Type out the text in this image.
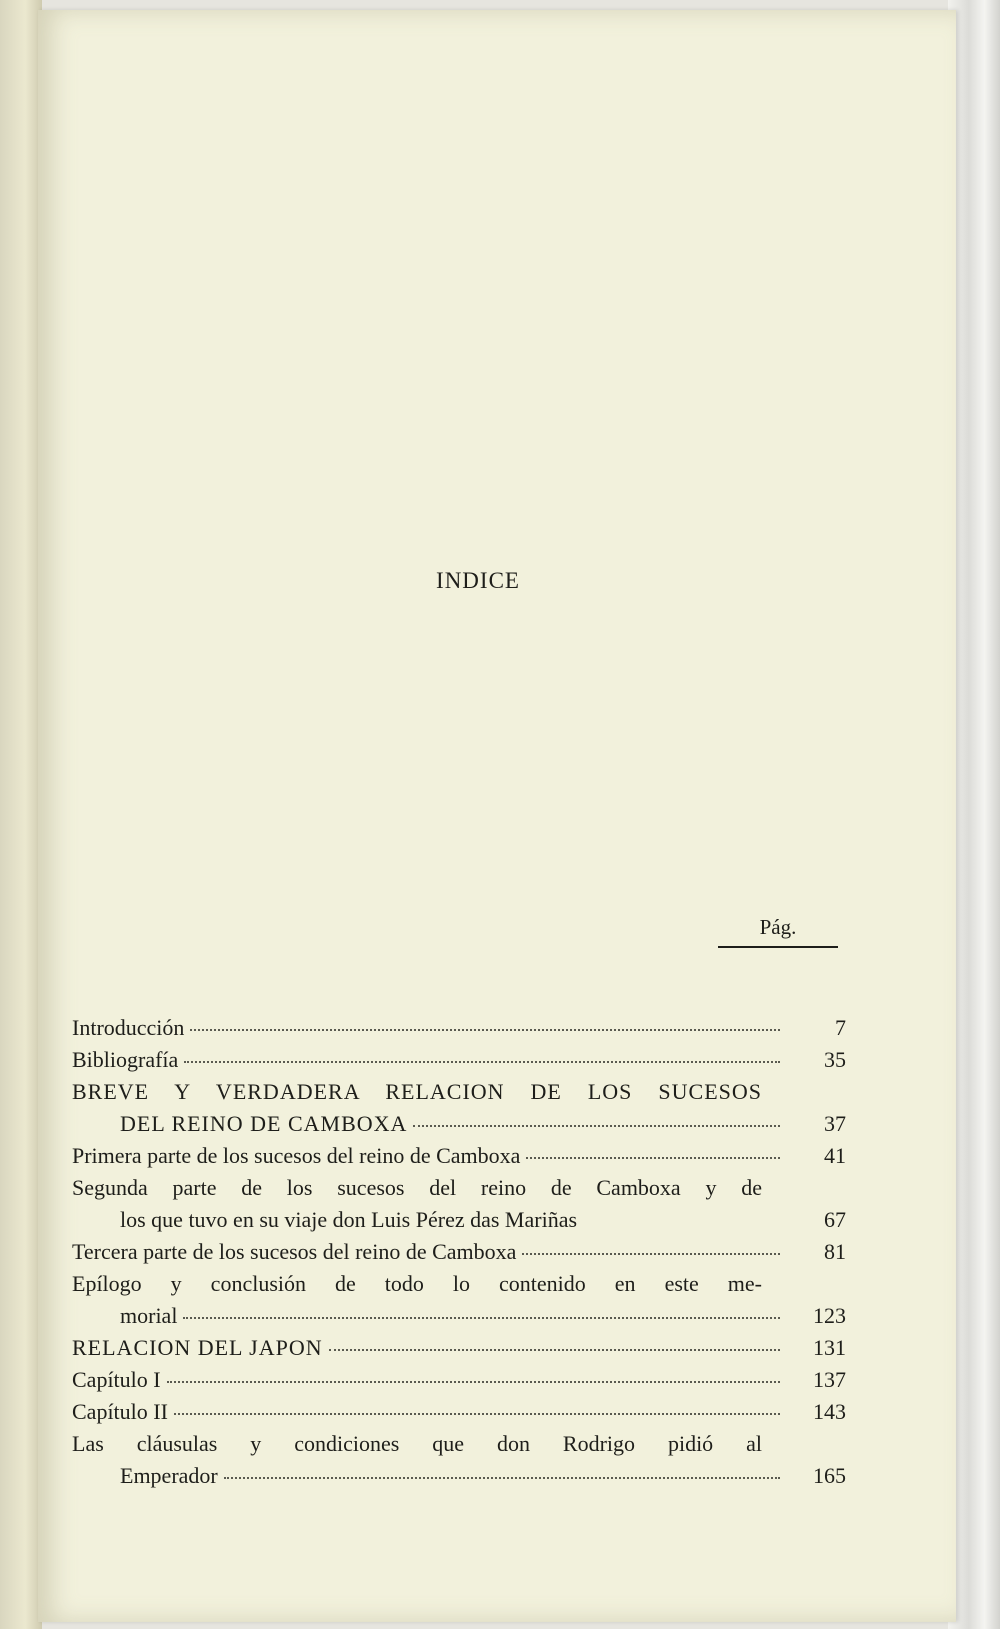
INDICE
Pág.
Introducción	7
Bibliografía	35
BREVE Y VERDADERA RELACION DE LOS SUCESOS
DEL REINO DE CAMBOXA	37
Primera parte de los sucesos del reino de Camboxa	41
Segunda parte de los sucesos del reino de Camboxa y de
los que tuvo en su viaje don Luis Pérez das Mariñas	67
Tercera parte de los sucesos del reino de Camboxa	81
Epílogo y conclusión de todo lo contenido en este me-
morial	123
RELACION DEL JAPON	131
Capítulo I	137
Capítulo II	143
Las cláusulas y condiciones que don Rodrigo pidió al
Emperador	165
